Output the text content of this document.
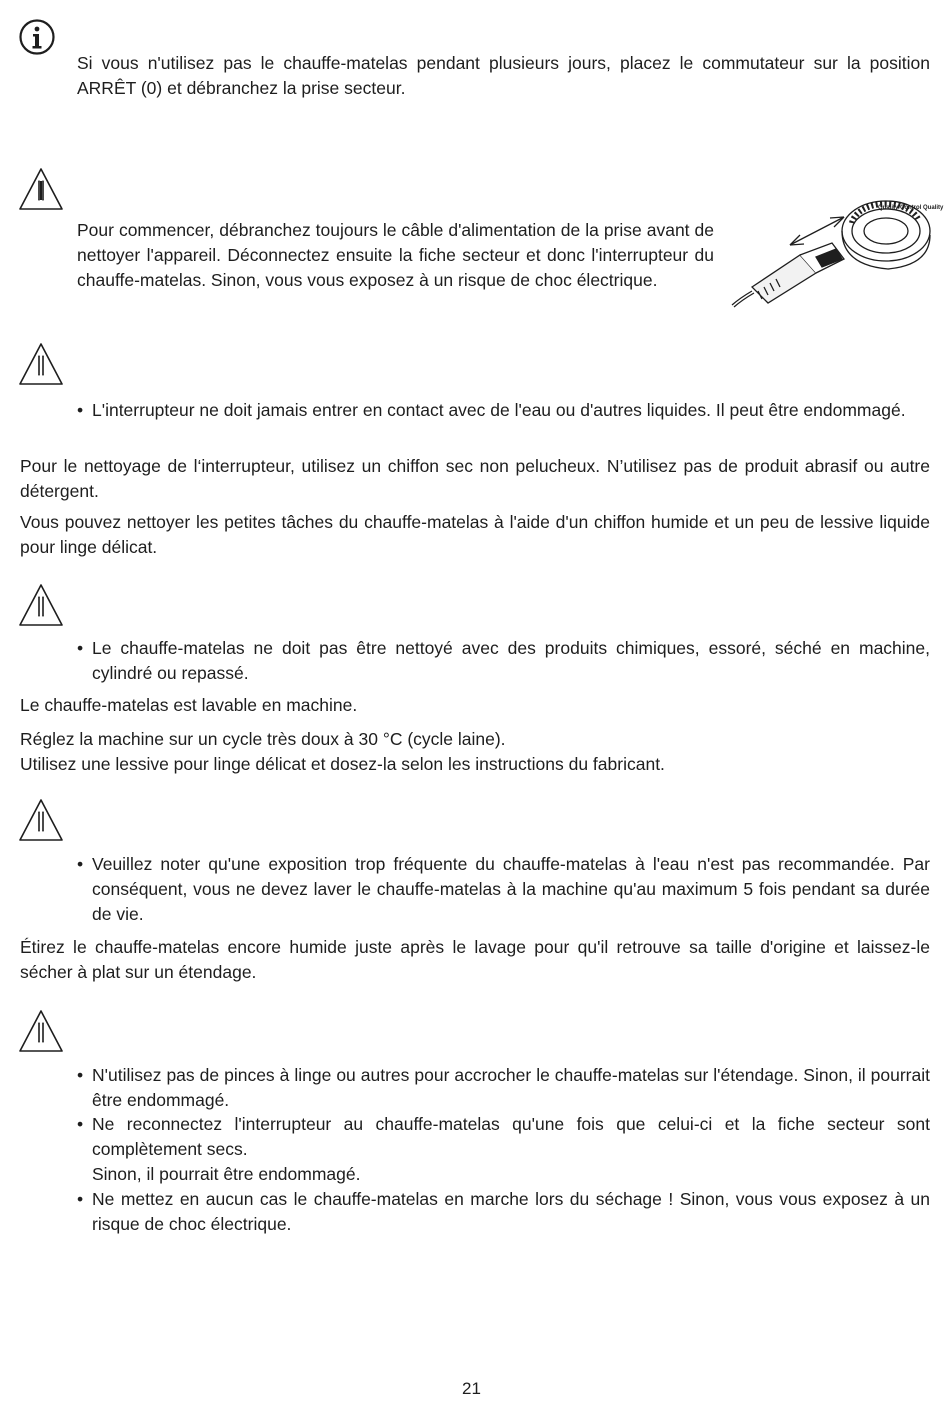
Si vous n'utilisez pas le chauffe-matelas pendant plusieurs jours, placez le commutateur sur la position ARRÊT (0) et débranchez la prise secteur.

Pour commencer, débranchez toujours le câble d'alimentation de la prise avant de nettoyer l'appareil. Déconnectez ensuite la fiche secteur et donc l'interrupteur du chauffe-matelas. Sinon, vous vous exposez à un risque de choc électrique.

Quality Control Quality
• L'interrupteur ne doit jamais entrer en contact avec de l'eau ou d'autres liquides. Il peut être endommagé.

Pour le nettoyage de l‘interrupteur, utilisez un chiffon sec non pelucheux. N’utilisez pas de produit abrasif ou autre détergent.

Vous pouvez nettoyer les petites tâches du chauffe-matelas à l'aide d'un chiffon humide et un peu de lessive liquide pour linge délicat.

• Le chauffe-matelas ne doit pas être nettoyé avec des produits chimiques, essoré, séché en machine, cylindré ou repassé.

Le chauffe-matelas est lavable en machine.

Réglez la machine sur un cycle très doux à 30 °C (cycle laine).
Utilisez une lessive pour linge délicat et dosez-la selon les instructions du fabricant.
• Veuillez noter qu'une exposition trop fréquente du chauffe-matelas à l'eau n'est pas recommandée. Par conséquent, vous ne devez laver le chauffe-matelas à la machine qu'au maximum 5 fois pendant sa durée de vie.

Étirez le chauffe-matelas encore humide juste après le lavage pour qu'il retrouve sa taille d'origine et laissez-le sécher à plat sur un étendage.

• N'utilisez pas de pinces à linge ou autres pour accrocher le chauffe-matelas sur l'étendage. Sinon, il pourrait être endommagé.
• Ne reconnectez l'interrupteur au chauffe-matelas qu'une fois que celui-ci et la fiche secteur sont complètement secs.
Sinon, il pourrait être endommagé.
• Ne mettez en aucun cas le chauffe-matelas en marche lors du séchage ! Sinon, vous vous exposez à un risque de choc électrique.
21
